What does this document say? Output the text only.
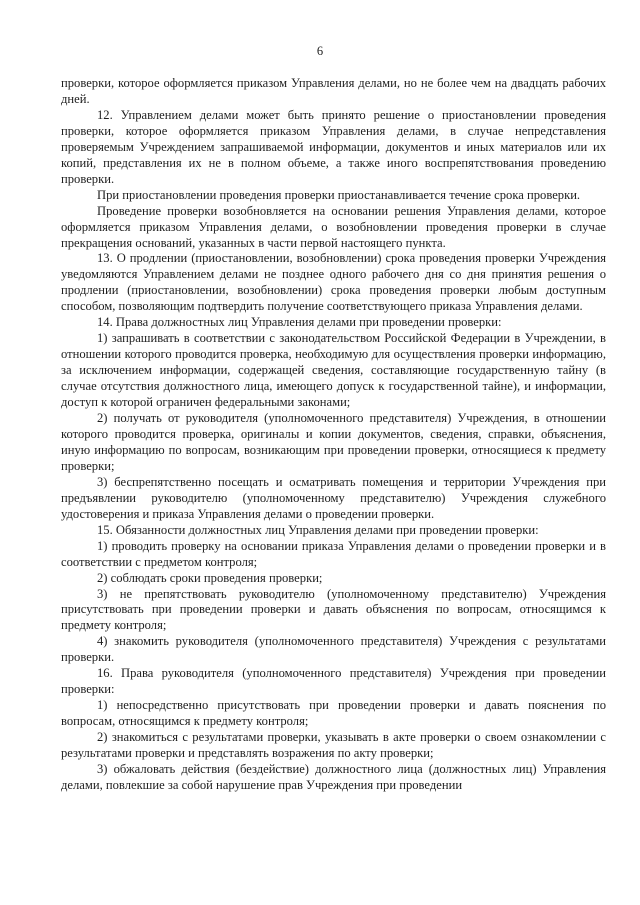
6

проверки, которое оформляется приказом Управления делами, но не более чем на двадцать рабочих дней.

12. Управлением делами может быть принято решение о приостановлении проведения проверки, которое оформляется приказом Управления делами, в случае непредставления проверяемым Учреждением запрашиваемой информации, документов и иных материалов или их копий, представления их не в полном объеме, а также иного воспрепятствования проведению проверки.

При приостановлении проведения проверки приостанавливается течение срока проверки.

Проведение проверки возобновляется на основании решения Управления делами, которое оформляется приказом Управления делами, о возобновлении проведения проверки в случае прекращения оснований, указанных в части первой настоящего пункта.

13. О продлении (приостановлении, возобновлении) срока проведения проверки Учреждения уведомляются Управлением делами не позднее одного рабочего дня со дня принятия решения о продлении (приостановлении, возобновлении) срока проведения проверки любым доступным способом, позволяющим подтвердить получение соответствующего приказа Управления делами.

14. Права должностных лиц Управления делами при проведении проверки:

1) запрашивать в соответствии с законодательством Российской Федерации в Учреждении, в отношении которого проводится проверка, необходимую для осуществления проверки информацию, за исключением информации, содержащей сведения, составляющие государственную тайну (в случае отсутствия должностного лица, имеющего допуск к государственной тайне), и информации, доступ к которой ограничен федеральными законами;

2) получать от руководителя (уполномоченного представителя) Учреждения, в отношении которого проводится проверка, оригиналы и копии документов, сведения, справки, объяснения, иную информацию по вопросам, возникающим при проведении проверки, относящиеся к предмету проверки;

3) беспрепятственно посещать и осматривать помещения и территории Учреждения при предъявлении руководителю (уполномоченному представителю) Учреждения служебного удостоверения и приказа Управления делами о проведении проверки.

15. Обязанности должностных лиц Управления делами при проведении проверки:

1) проводить проверку на основании приказа Управления делами о проведении проверки и в соответствии с предметом контроля;

2) соблюдать сроки проведения проверки;

3) не препятствовать руководителю (уполномоченному представителю) Учреждения присутствовать при проведении проверки и давать объяснения по вопросам, относящимся к предмету контроля;

4) знакомить руководителя (уполномоченного представителя) Учреждения с результатами проверки.

16. Права руководителя (уполномоченного представителя) Учреждения при проведении проверки:

1) непосредственно присутствовать при проведении проверки и давать пояснения по вопросам, относящимся к предмету контроля;

2) знакомиться с результатами проверки, указывать в акте проверки о своем ознакомлении с результатами проверки и представлять возражения по акту проверки;

3) обжаловать действия (бездействие) должностного лица (должностных лиц) Управления делами, повлекшие за собой нарушение прав Учреждения при проведении
